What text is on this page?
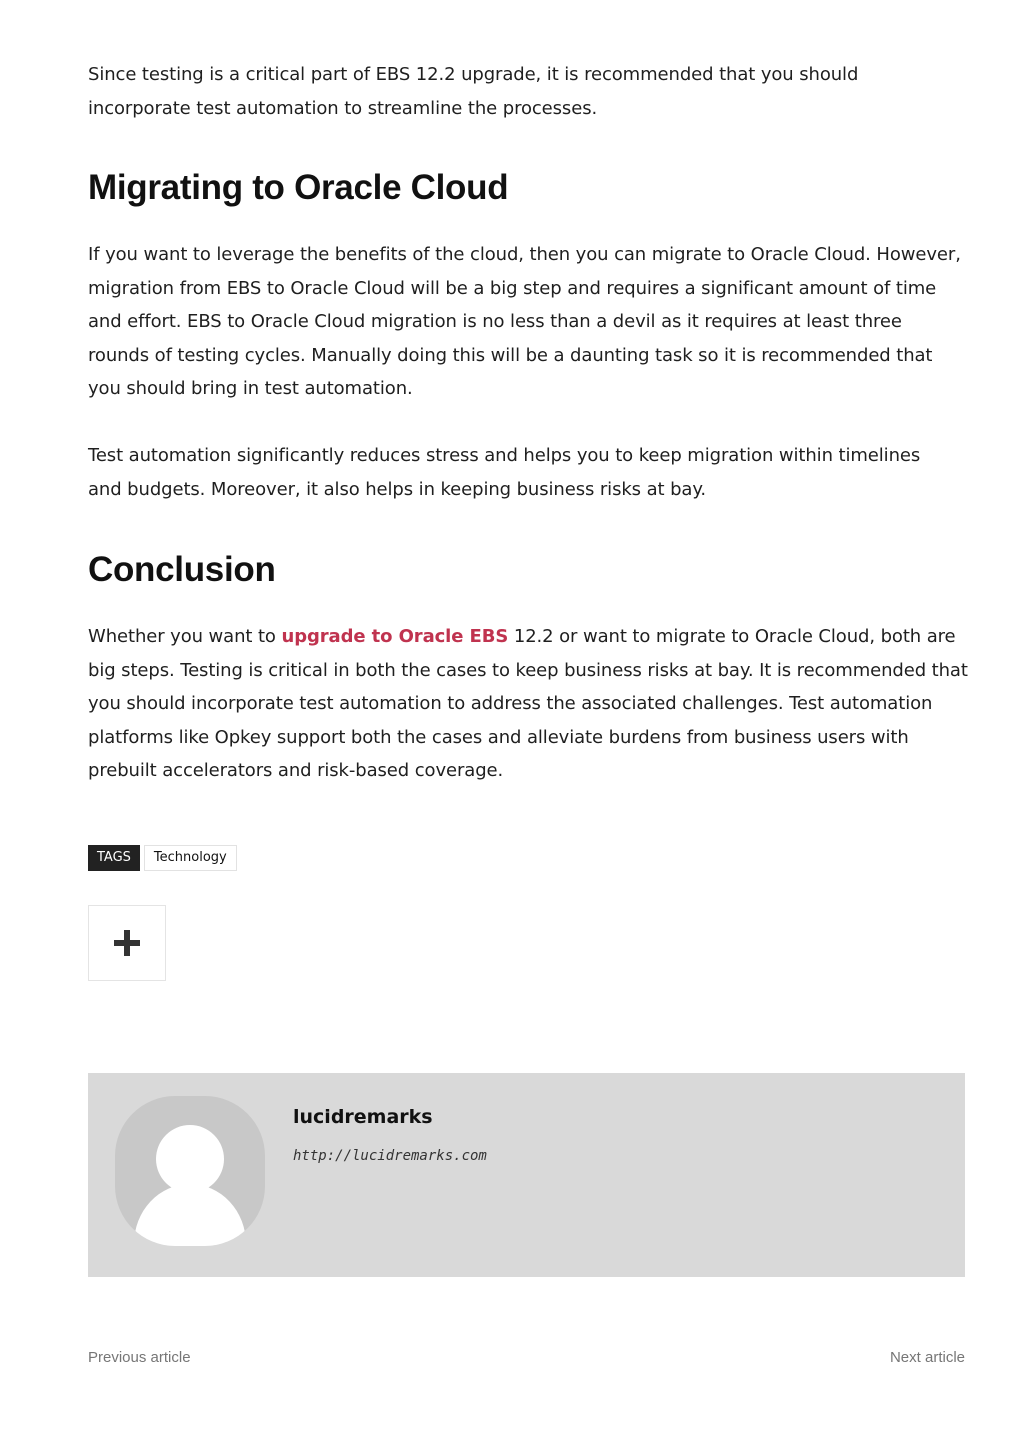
Since testing is a critical part of EBS 12.2 upgrade, it is recommended that you should incorporate test automation to streamline the processes.

Migrating to Oracle Cloud

If you want to leverage the benefits of the cloud, then you can migrate to Oracle Cloud. However, migration from EBS to Oracle Cloud will be a big step and requires a significant amount of time and effort. EBS to Oracle Cloud migration is no less than a devil as it requires at least three rounds of testing cycles. Manually doing this will be a daunting task so it is recommended that you should bring in test automation.

Test automation significantly reduces stress and helps you to keep migration within timelines and budgets. Moreover, it also helps in keeping business risks at bay.

Conclusion

Whether you want to upgrade to Oracle EBS 12.2 or want to migrate to Oracle Cloud, both are big steps. Testing is critical in both the cases to keep business risks at bay. It is recommended that you should incorporate test automation to address the associated challenges. Test automation platforms like Opkey support both the cases and alleviate burdens from business users with prebuilt accelerators and risk-based coverage.

TAGS	Technology
lucidremarks
http://lucidremarks.com
Previous article	Next article
